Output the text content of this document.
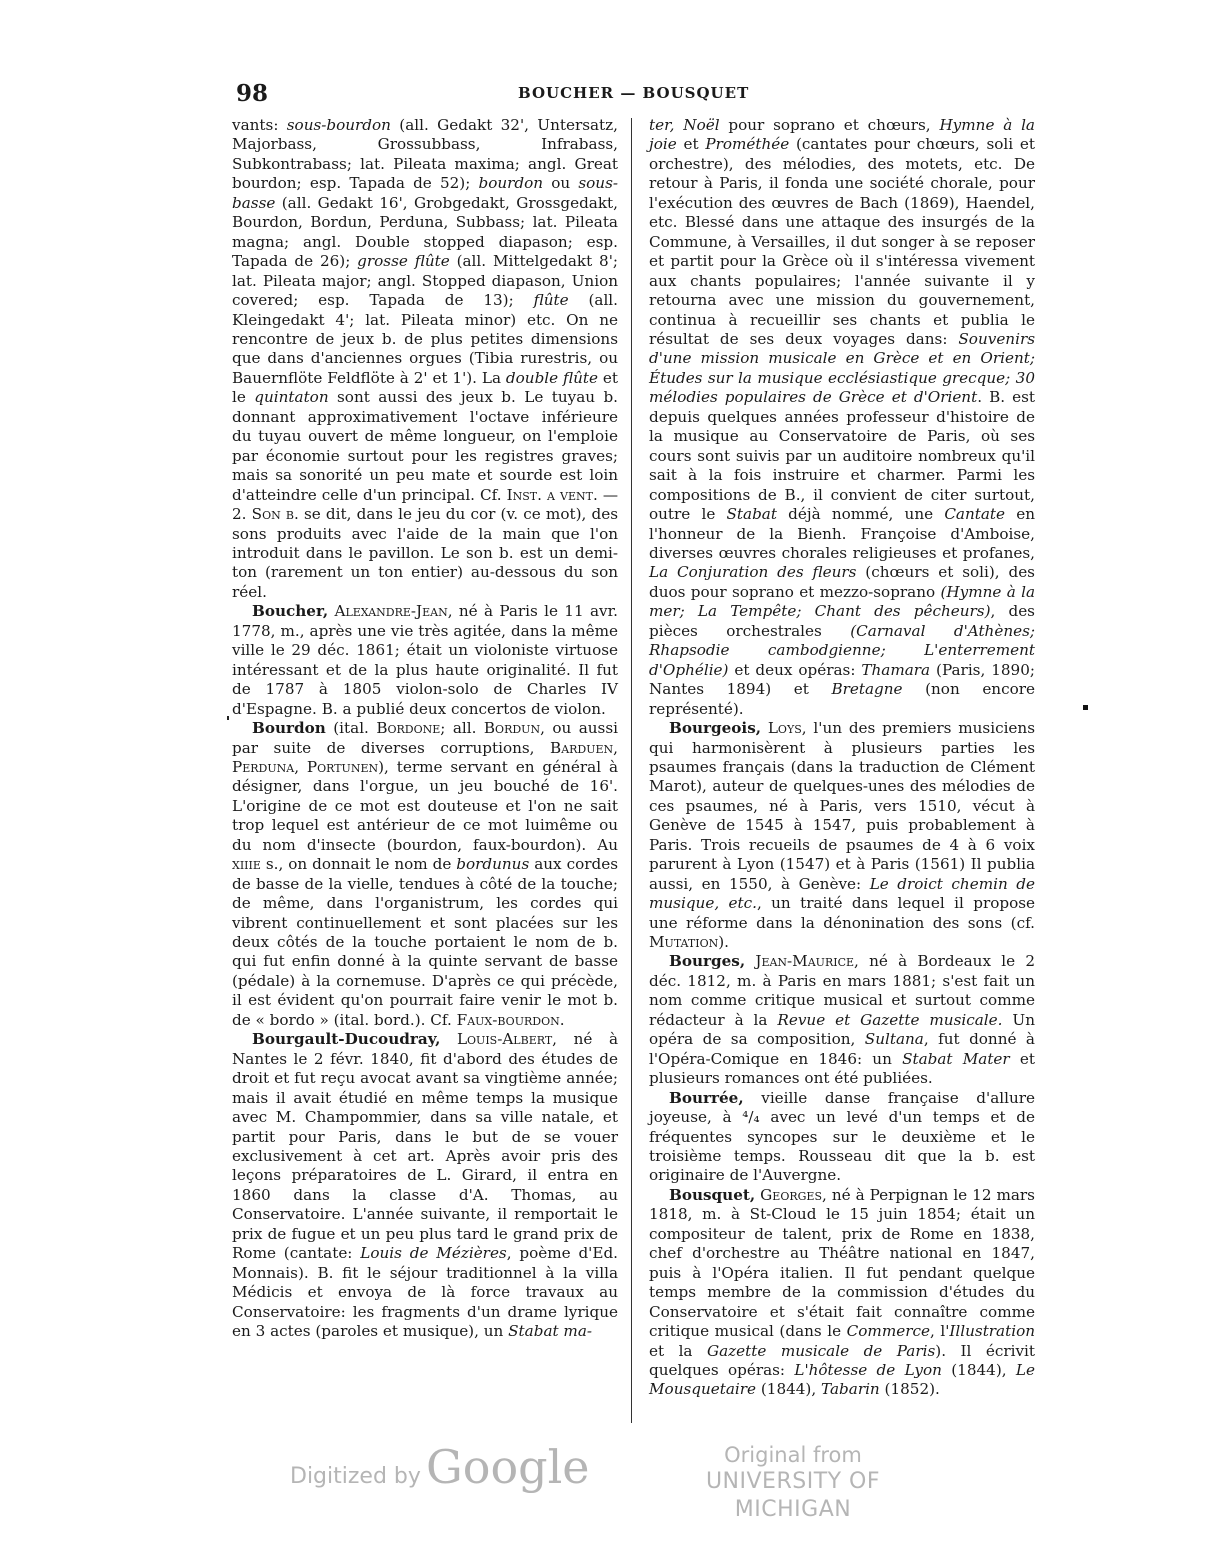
98	BOUCHER — BOUSQUET

vants: sous-bourdon (all. Gedakt 32', Untersatz, Majorbass, Grossubbass, Infrabass, Subkontrabass; lat. Pileata maxima; angl. Great bourdon; esp. Tapada de 52); bourdon ou sous-basse (all. Gedakt 16', Grobgedakt, Grossgedakt, Bourdon, Bordun, Perduna, Subbass; lat. Pileata magna; angl. Double stopped diapason; esp. Tapada de 26); grosse flûte (all. Mittelgedakt 8'; lat. Pileata major; angl. Stopped diapason, Union covered; esp. Tapada de 13); flûte (all. Kleingedakt 4'; lat. Pileata minor) etc. On ne rencontre de jeux b. de plus petites dimensions que dans d'anciennes orgues (Tibia rurestris, ou Bauernflöte Feldflöte à 2' et 1'). La double flûte et le quintaton sont aussi des jeux b. Le tuyau b. donnant approximativement l'octave inférieure du tuyau ouvert de même longueur, on l'emploie par économie surtout pour les registres graves; mais sa sonorité un peu mate et sourde est loin d'atteindre celle d'un principal. Cf. Inst. a vent. — 2. Son b. se dit, dans le jeu du cor (v. ce mot), des sons produits avec l'aide de la main que l'on introduit dans le pavillon. Le son b. est un demi-ton (rarement un ton entier) au-dessous du son réel.

Boucher, Alexandre-Jean, né à Paris le 11 avr. 1778, m., après une vie très agitée, dans la même ville le 29 déc. 1861; était un violoniste virtuose intéressant et de la plus haute originalité. Il fut de 1787 à 1805 violon-solo de Charles IV d'Espagne. B. a publié deux concertos de violon.

Bourdon (ital. Bordone; all. Bordun, ou aussi par suite de diverses corruptions, Barduen, Perduna, Portunen), terme servant en général à désigner, dans l'orgue, un jeu bouché de 16'. L'origine de ce mot est douteuse et l'on ne sait trop lequel est antérieur de ce mot luimême ou du nom d'insecte (bourdon, faux-bourdon). Au xiiie s., on donnait le nom de bordunus aux cordes de basse de la vielle, tendues à côté de la touche; de même, dans l'organistrum, les cordes qui vibrent continuellement et sont placées sur les deux côtés de la touche portaient le nom de b. qui fut enfin donné à la quinte servant de basse (pédale) à la cornemuse. D'après ce qui précède, il est évident qu'on pourrait faire venir le mot b. de « bordo » (ital. bord.). Cf. Faux-bourdon.

Bourgault-Ducoudray, Louis-Albert, né à Nantes le 2 févr. 1840, fit d'abord des études de droit et fut reçu avocat avant sa vingtième année; mais il avait étudié en même temps la musique avec M. Champommier, dans sa ville natale, et partit pour Paris, dans le but de se vouer exclusivement à cet art. Après avoir pris des leçons préparatoires de L. Girard, il entra en 1860 dans la classe d'A. Thomas, au Conservatoire. L'année suivante, il remportait le prix de fugue et un peu plus tard le grand prix de Rome (cantate: Louis de Mézières, poème d'Ed. Monnais). B. fit le séjour traditionnel à la villa Médicis et envoya de là force travaux au Conservatoire: les fragments d'un drame lyrique en 3 actes (paroles et musique), un Stabat ma-

ter, Noël pour soprano et chœurs, Hymne à la joie et Prométhée (cantates pour chœurs, soli et orchestre), des mélodies, des motets, etc. De retour à Paris, il fonda une société chorale, pour l'exécution des œuvres de Bach (1869), Haendel, etc. Blessé dans une attaque des insurgés de la Commune, à Versailles, il dut songer à se reposer et partit pour la Grèce où il s'intéressa vivement aux chants populaires; l'année suivante il y retourna avec une mission du gouvernement, continua à recueillir ses chants et publia le résultat de ses deux voyages dans: Souvenirs d'une mission musicale en Grèce et en Orient; Études sur la musique ecclésiastique grecque; 30 mélodies populaires de Grèce et d'Orient. B. est depuis quelques années professeur d'histoire de la musique au Conservatoire de Paris, où ses cours sont suivis par un auditoire nombreux qu'il sait à la fois instruire et charmer. Parmi les compositions de B., il convient de citer surtout, outre le Stabat déjà nommé, une Cantate en l'honneur de la Bienh. Françoise d'Amboise, diverses œuvres chorales religieuses et profanes, La Conjuration des fleurs (chœurs et soli), des duos pour soprano et mezzo-soprano (Hymne à la mer; La Tempête; Chant des pêcheurs), des pièces orchestrales (Carnaval d'Athènes; Rhapsodie cambodgienne; L'enterrement d'Ophélie) et deux opéras: Thamara (Paris, 1890; Nantes 1894) et Bretagne (non encore représenté).

Bourgeois, Loys, l'un des premiers musiciens qui harmonisèrent à plusieurs parties les psaumes français (dans la traduction de Clément Marot), auteur de quelques-unes des mélodies de ces psaumes, né à Paris, vers 1510, vécut à Genève de 1545 à 1547, puis probablement à Paris. Trois recueils de psaumes de 4 à 6 voix parurent à Lyon (1547) et à Paris (1561) Il publia aussi, en 1550, à Genève: Le droict chemin de musique, etc., un traité dans lequel il propose une réforme dans la dénonination des sons (cf. Mutation).

Bourges, Jean-Maurice, né à Bordeaux le 2 déc. 1812, m. à Paris en mars 1881; s'est fait un nom comme critique musical et surtout comme rédacteur à la Revue et Gazette musicale. Un opéra de sa composition, Sultana, fut donné à l'Opéra-Comique en 1846: un Stabat Mater et plusieurs romances ont été publiées.

Bourrée, vieille danse française d'allure joyeuse, à ⁴/₄ avec un levé d'un temps et de fréquentes syncopes sur le deuxième et le troisième temps. Rousseau dit que la b. est originaire de l'Auvergne.

Bousquet, Georges, né à Perpignan le 12 mars 1818, m. à St-Cloud le 15 juin 1854; était un compositeur de talent, prix de Rome en 1838, chef d'orchestre au Théâtre national en 1847, puis à l'Opéra italien. Il fut pendant quelque temps membre de la commission d'études du Conservatoire et s'était fait connaître comme critique musical (dans le Commerce, l'Illustration et la Gazette musicale de Paris). Il écrivit quelques opéras: L'hôtesse de Lyon (1844), Le Mousquetaire (1844), Tabarin (1852).

Digitized by Google	Original from
UNIVERSITY OF MICHIGAN
